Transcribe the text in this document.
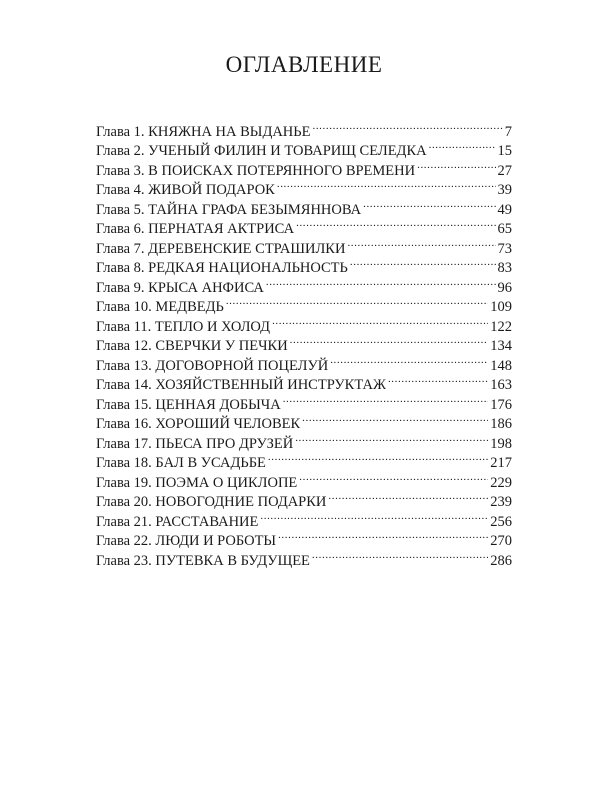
ОГЛАВЛЕНИЕ
Глава 1. КНЯЖНА НА ВЫДАНЬЕ .....	7
Глава 2. УЧЕНЫЙ ФИЛИН И ТОВАРИЩ СЕЛЕДКА .....	15
Глава 3. В ПОИСКАХ ПОТЕРЯННОГО ВРЕМЕНИ .....	27
Глава 4. ЖИВОЙ ПОДАРОК .....	39
Глава 5. ТАЙНА ГРАФА БЕЗЫМЯННОВА .....	49
Глава 6. ПЕРНАТАЯ АКТРИСА .....	65
Глава 7. ДЕРЕВЕНСКИЕ СТРАШИЛКИ .....	73
Глава 8. РЕДКАЯ НАЦИОНАЛЬНОСТЬ .....	83
Глава 9. КРЫСА АНФИСА .....	96
Глава 10. МЕДВЕДЬ .....	109
Глава 11. ТЕПЛО И ХОЛОД .....	122
Глава 12. СВЕРЧКИ У ПЕЧКИ .....	134
Глава 13. ДОГОВОРНОЙ ПОЦЕЛУЙ .....	148
Глава 14. ХОЗЯЙСТВЕННЫЙ ИНСТРУКТАЖ .....	163
Глава 15. ЦЕННАЯ ДОБЫЧА .....	176
Глава 16. ХОРОШИЙ ЧЕЛОВЕК .....	186
Глава 17. ПЬЕСА ПРО ДРУЗЕЙ .....	198
Глава 18. БАЛ В УСАДЬБЕ .....	217
Глава 19. ПОЭМА О ЦИКЛОПЕ .....	229
Глава 20. НОВОГОДНИЕ ПОДАРКИ .....	239
Глава 21. РАССТАВАНИЕ .....	256
Глава 22. ЛЮДИ И РОБОТЫ .....	270
Глава 23. ПУТЕВКА В БУДУЩЕЕ .....	286
